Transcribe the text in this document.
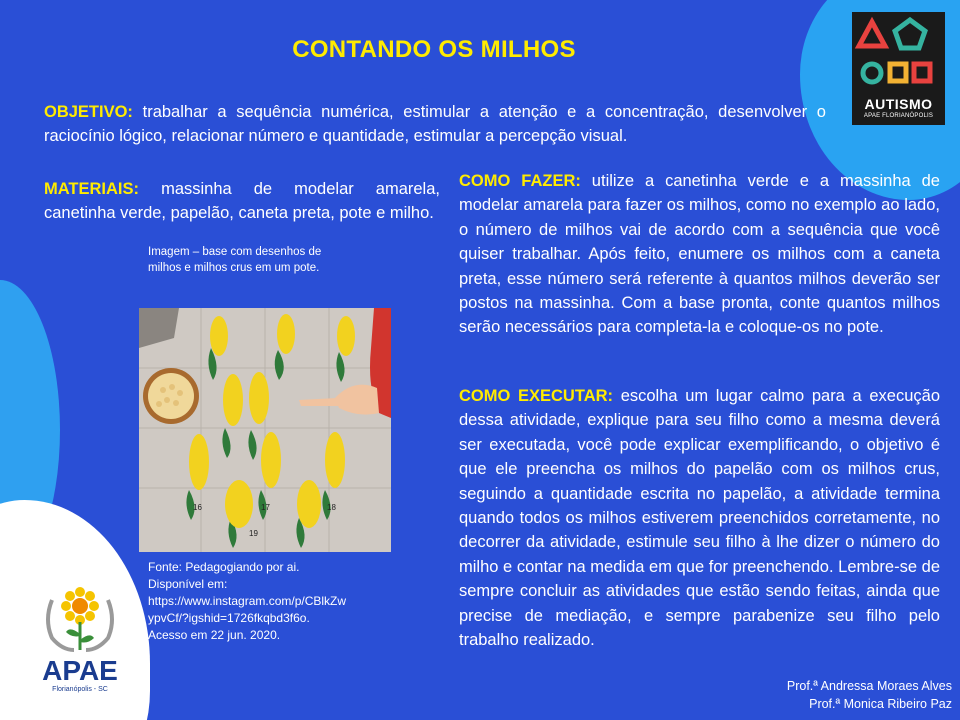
CONTANDO OS MILHOS

OBJETIVO: trabalhar a sequência numérica, estimular a atenção e a concentração, desenvolver o raciocínio lógico, relacionar número e quantidade, estimular a percepção visual.

MATERIAIS: massinha de modelar amarela, canetinha verde, papelão, caneta preta, pote e milho.

COMO FAZER: utilize a canetinha verde e a massinha de modelar amarela para fazer os milhos, como no exemplo ao lado, o número de milhos vai de acordo com a sequência que você quiser trabalhar. Após feito, enumere os milhos com a caneta preta, esse número será referente à quantos milhos deverão ser postos na massinha. Com a base pronta, conte quantos milhos serão necessários para completa-la e coloque-os no pote.

COMO EXECUTAR: escolha um lugar calmo para a execução dessa atividade, explique para seu filho como a mesma deverá ser executada, você pode explicar exemplificando, o objetivo é que ele preencha os milhos do papelão com os milhos crus, seguindo a quantidade escrita no papelão, a atividade termina quando todos os milhos estiverem preenchidos corretamente, no decorrer da atividade, estimule seu filho à lhe dizer o número do milho e contar na medida em que for preenchendo. Lembre-se de sempre concluir as atividades que estão sendo feitas, ainda que precise de mediação, e sempre parabenize seu filho pelo trabalho realizado.

Imagem – base com desenhos de milhos e milhos crus em um pote.
16	17	18
19
Fonte: Pedagogiando por ai.
Disponível em:
https://www.instagram.com/p/CBlkZwypvCf/?igshid=1726fkqbd3f6o. Acesso em 22 jun. 2020.
Prof.ª Andressa Moraes Alves
Prof.ª Monica Ribeiro Paz
AUTISMO
APAE FLORIANÓPOLIS
APAE
Florianópolis - SC
